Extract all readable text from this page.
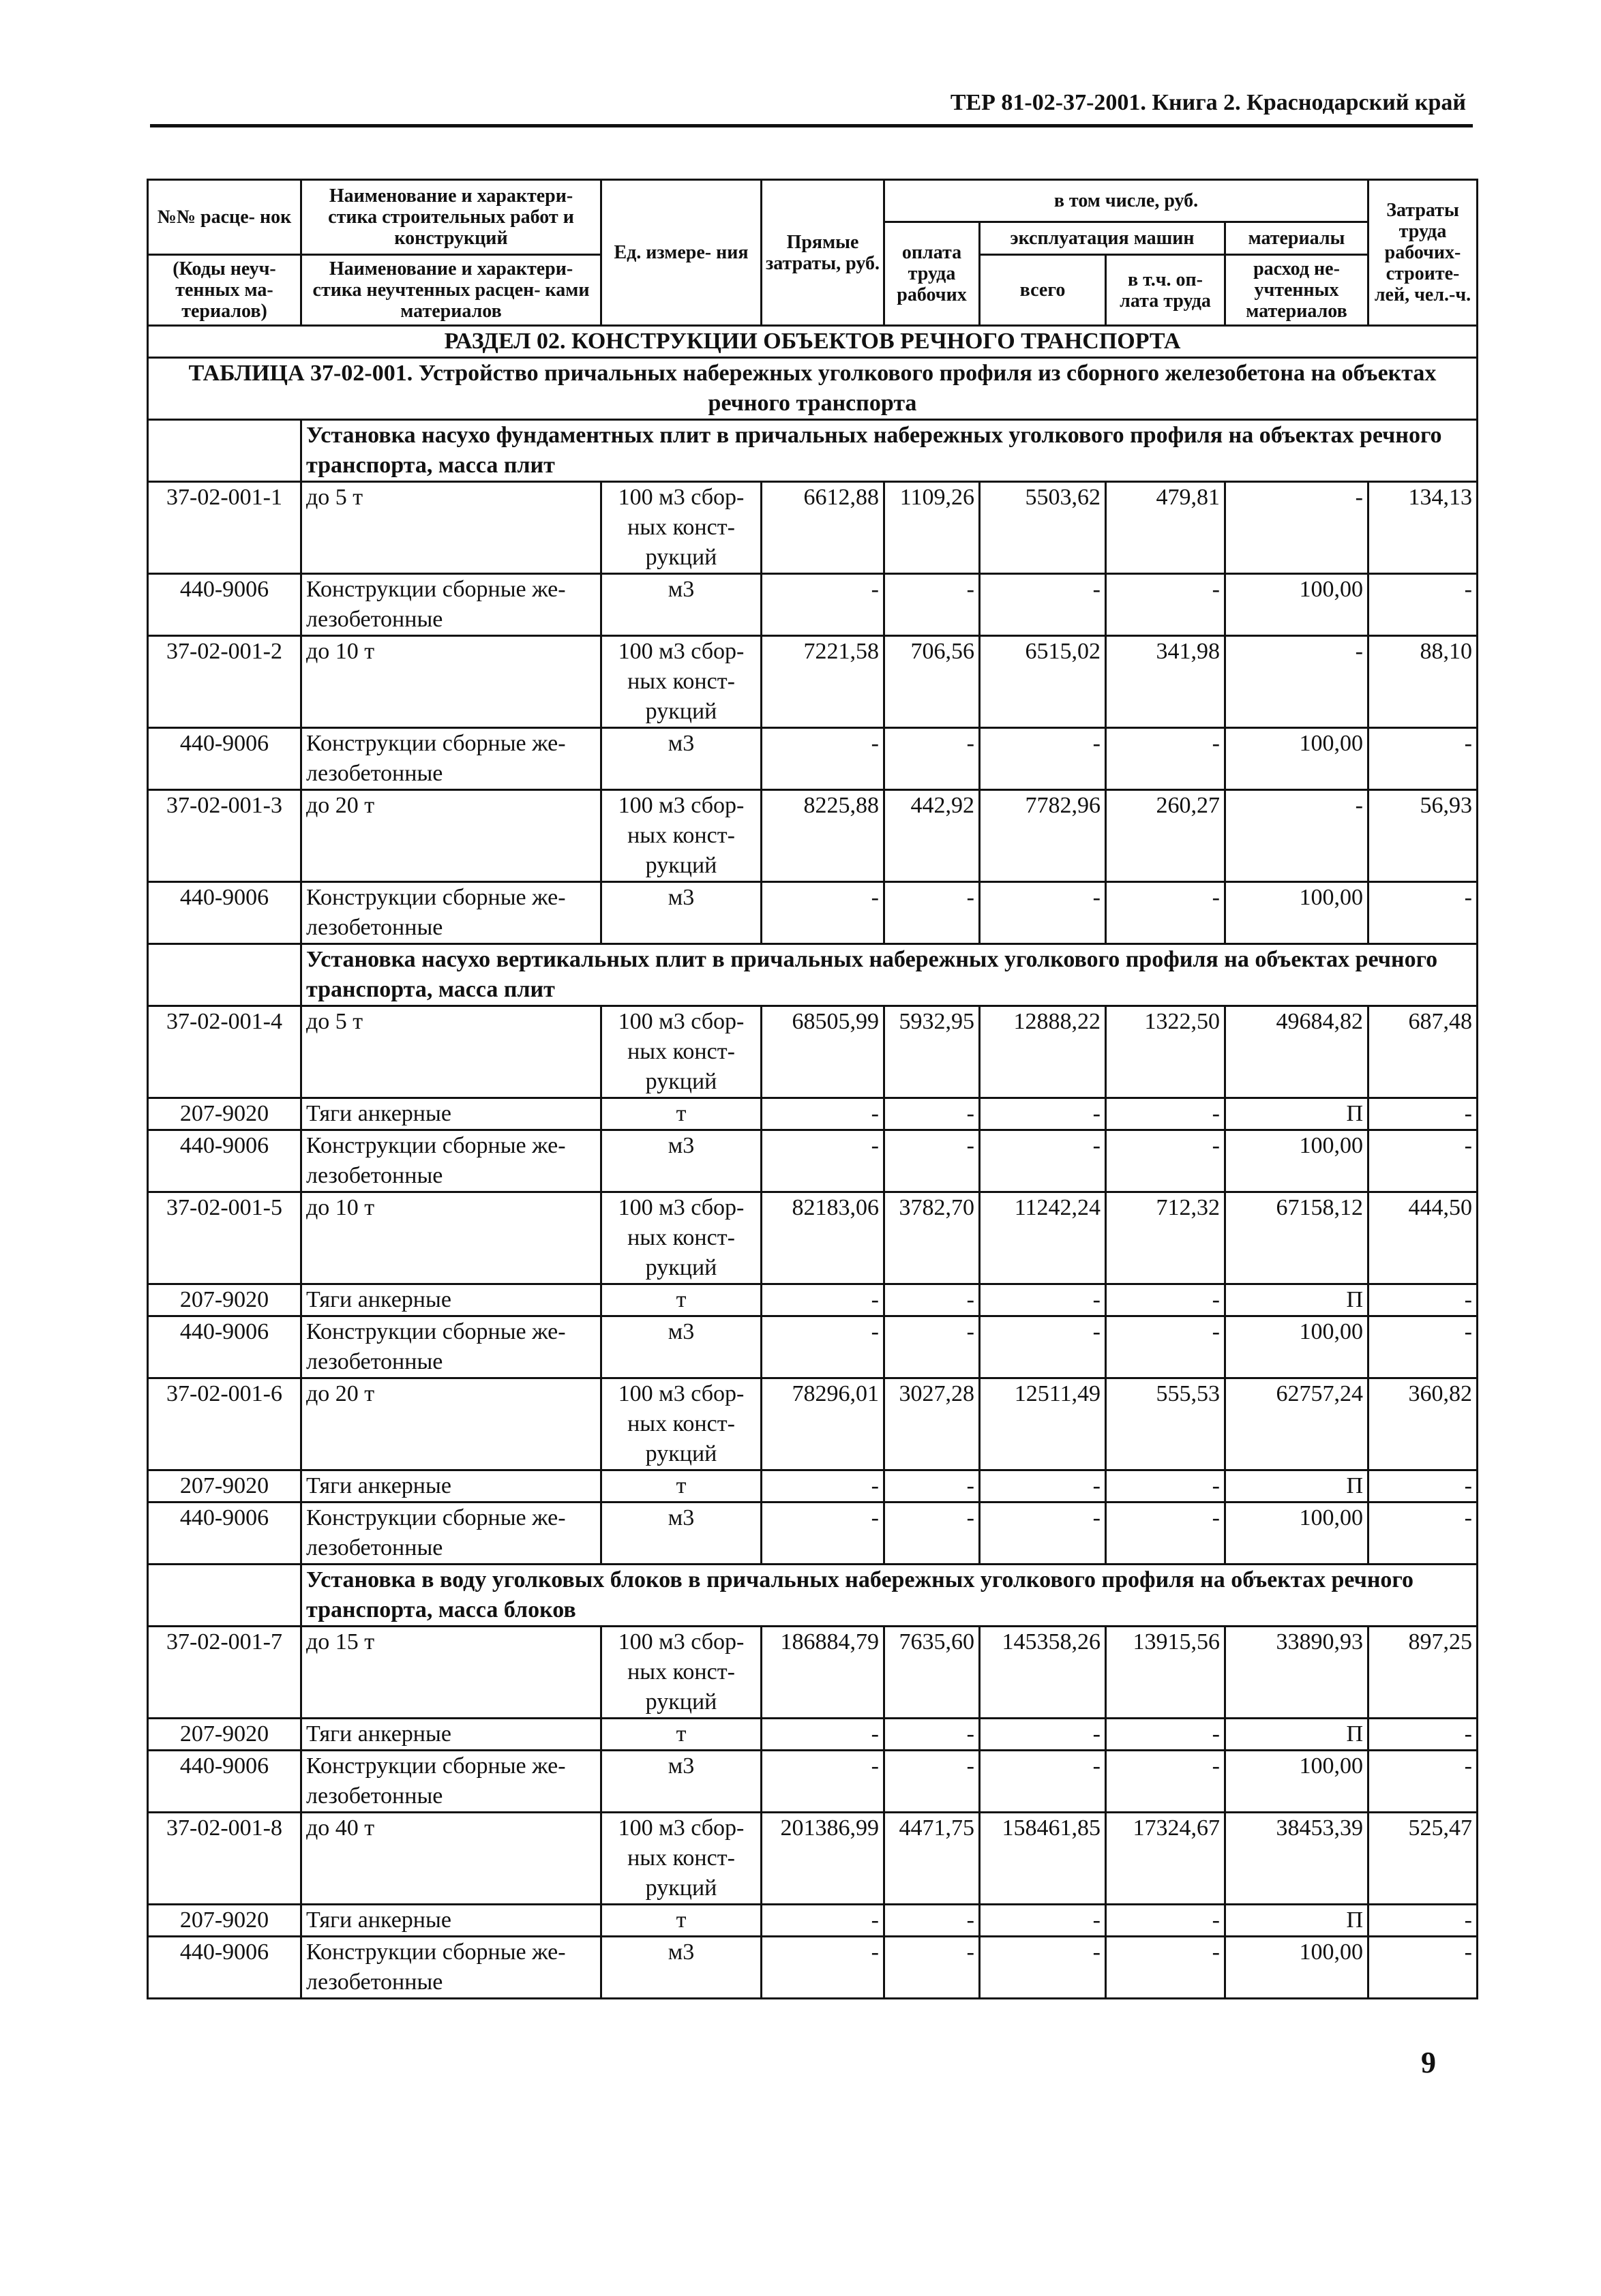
ТЕР 81-02-37-2001. Книга 2. Краснодарский край
№№ расце- нок	Наименование и характери- стика строительных работ и конструкций	Ед. измере- ния	Прямые затраты, руб.	в том числе, руб.				Затраты труда рабочих- строите- лей, чел.-ч.
				оплата труда рабочих	эксплуатация машин		материалы	
(Коды неуч- тенных ма- териалов)	Наименование и характери- стика неучтенных расцен- ками материалов				всего	в т.ч. оп- лата труда	расход не- учтенных материалов	

РАЗДЕЛ 02. КОНСТРУКЦИИ ОБЪЕКТОВ РЕЧНОГО ТРАНСПОРТА								
ТАБЛИЦА 37-02-001. Устройство причальных набережных уголкового профиля из сборного железобетона на объектах речного транспорта								
	Установка насухо фундаментных плит в причальных набережных уголкового профиля на объектах речного транспорта, масса плит							
37-02-001-1	до 5 т	100 м3 сбор- ных конст- рукций	6612,88	1109,26	5503,62	479,81	-	134,13
440-9006	Конструкции сборные же- лезобетонные	м3	-	-	-	-	100,00	-
37-02-001-2	до 10 т	100 м3 сбор- ных конст- рукций	7221,58	706,56	6515,02	341,98	-	88,10
440-9006	Конструкции сборные же- лезобетонные	м3	-	-	-	-	100,00	-
37-02-001-3	до 20 т	100 м3 сбор- ных конст- рукций	8225,88	442,92	7782,96	260,27	-	56,93
440-9006	Конструкции сборные же- лезобетонные	м3	-	-	-	-	100,00	-
	Установка насухо вертикальных плит в причальных набережных уголкового профиля на объектах речного транспорта, масса плит							
37-02-001-4	до 5 т	100 м3 сбор- ных конст- рукций	68505,99	5932,95	12888,22	1322,50	49684,82	687,48
207-9020	Тяги анкерные	т	-	-	-	-	П	-
440-9006	Конструкции сборные же- лезобетонные	м3	-	-	-	-	100,00	-
37-02-001-5	до 10 т	100 м3 сбор- ных конст- рукций	82183,06	3782,70	11242,24	712,32	67158,12	444,50
207-9020	Тяги анкерные	т	-	-	-	-	П	-
440-9006	Конструкции сборные же- лезобетонные	м3	-	-	-	-	100,00	-
37-02-001-6	до 20 т	100 м3 сбор- ных конст- рукций	78296,01	3027,28	12511,49	555,53	62757,24	360,82
207-9020	Тяги анкерные	т	-	-	-	-	П	-
440-9006	Конструкции сборные же- лезобетонные	м3	-	-	-	-	100,00	-
	Установка в воду уголковых блоков в причальных набережных уголкового профиля на объектах речного транспорта, масса блоков							
37-02-001-7	до 15 т	100 м3 сбор- ных конст- рукций	186884,79	7635,60	145358,26	13915,56	33890,93	897,25
207-9020	Тяги анкерные	т	-	-	-	-	П	-
440-9006	Конструкции сборные же- лезобетонные	м3	-	-	-	-	100,00	-
37-02-001-8	до 40 т	100 м3 сбор- ных конст- рукций	201386,99	4471,75	158461,85	17324,67	38453,39	525,47
207-9020	Тяги анкерные	т	-	-	-	-	П	-
440-9006	Конструкции сборные же- лезобетонные	м3	-	-	-	-	100,00	-
9
